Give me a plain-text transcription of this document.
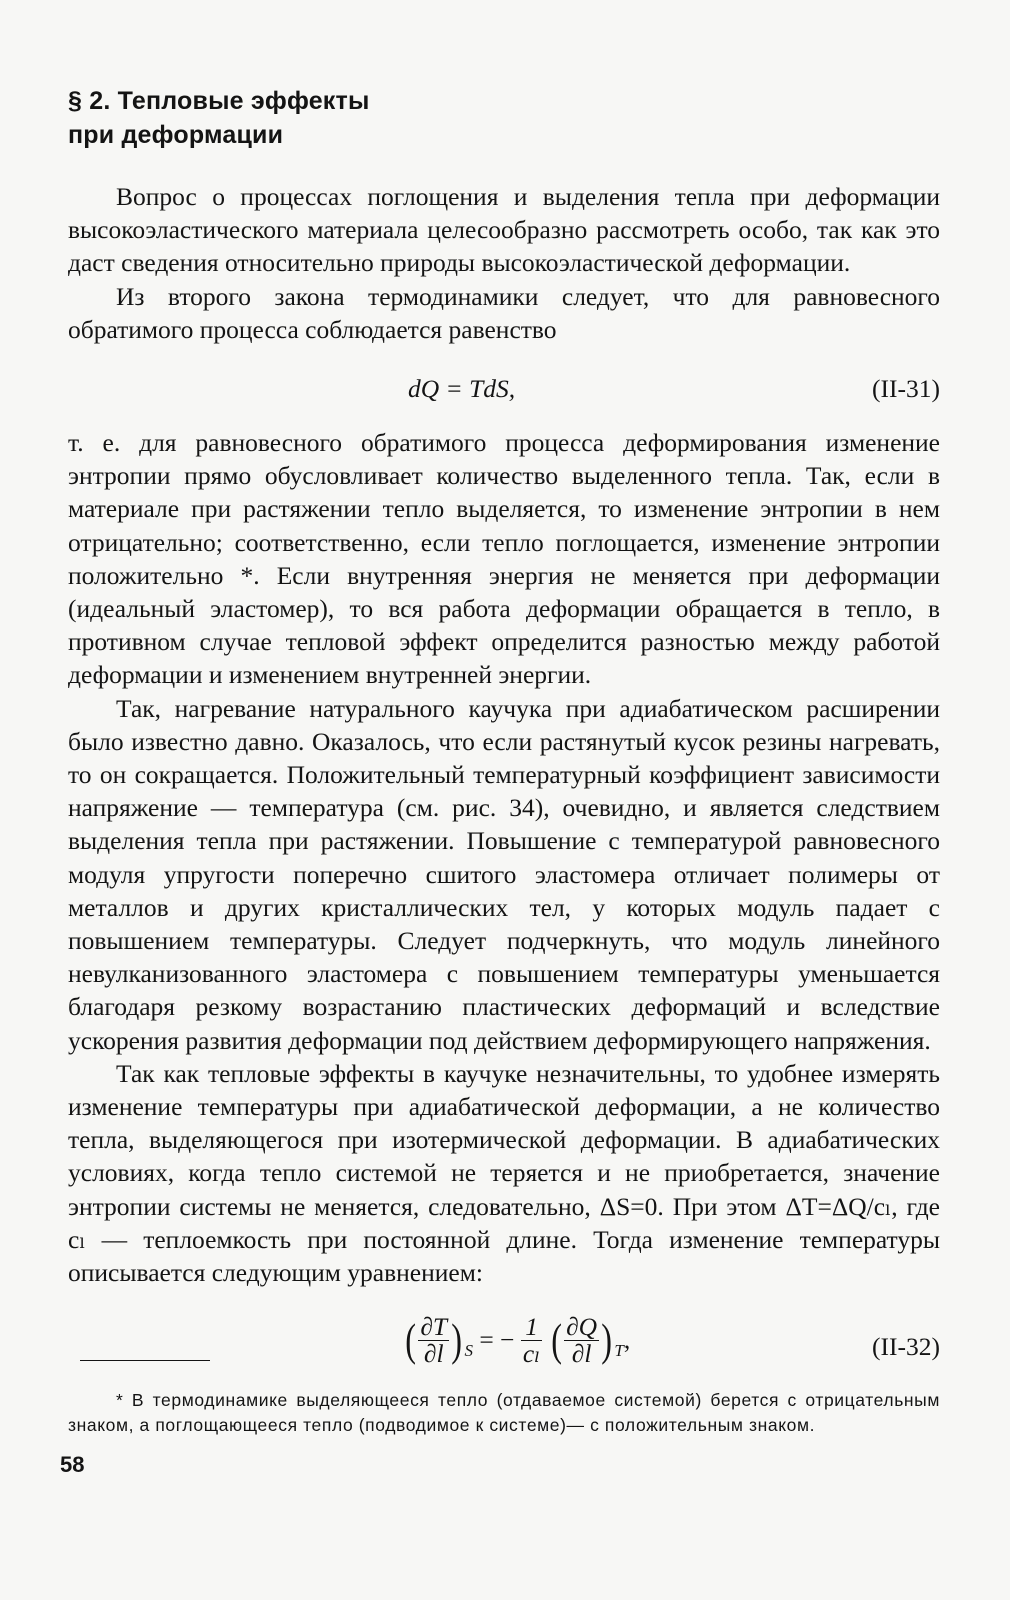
§ 2. Тепловые эффекты
при деформации

Вопрос о процессах поглощения и выделения тепла при деформации высокоэластического материала целесообразно рассмотреть особо, так как это даст сведения относительно природы высокоэластической деформации.

Из второго закона термодинамики следует, что для равновесного обратимого процесса соблюдается равенство

dQ = TdS,	(II-31)

т. е. для равновесного обратимого процесса деформирования изменение энтропии прямо обусловливает количество выделенного тепла. Так, если в материале при растяжении тепло выделяется, то изменение энтропии в нем отрицательно; соответственно, если тепло поглощается, изменение энтропии положительно *. Если внутренняя энергия не меняется при деформации (идеальный эластомер), то вся работа деформации обращается в тепло, в противном случае тепловой эффект определится разностью между работой деформации и изменением внутренней энергии.

Так, нагревание натурального каучука при адиабатическом расширении было известно давно. Оказалось, что если растянутый кусок резины нагревать, то он сокращается. Положительный температурный коэффициент зависимости напряжение — температура (см. рис. 34), очевидно, и является следствием выделения тепла при растяжении. Повышение с температурой равновесного модуля упругости поперечно сшитого эластомера отличает полимеры от металлов и других кристаллических тел, у которых модуль падает с повышением температуры. Следует подчеркнуть, что модуль линейного невулканизованного эластомера с повышением температуры уменьшается благодаря резкому возрастанию пластических деформаций и вследствие ускорения развития деформации под действием деформирующего напряжения.

Так как тепловые эффекты в каучуке незначительны, то удобнее измерять изменение температуры при адиабатической деформации, а не количество тепла, выделяющегося при изотермической деформации. В адиабатических условиях, когда тепло системой не теряется и не приобретается, значение энтропии системы не меняется, следовательно, ΔS=0. При этом ΔT=ΔQ/cₗ, где cₗ — теплоемкость при постоянной длине. Тогда изменение температуры описывается следующим уравнением:

( $\frac{\partial T}{\partial l}$ ) $_S$ = − $\frac{1}{\text{cₗ}}$ ( $\frac{\partial Q}{\partial l}$ ) $_T$,	(II-32)

* В термодинамике выделяющееся тепло (отдаваемое системой) берется с отрицательным знаком, а поглощающееся тепло (подводимое к системе)— с положительным знаком.

58
